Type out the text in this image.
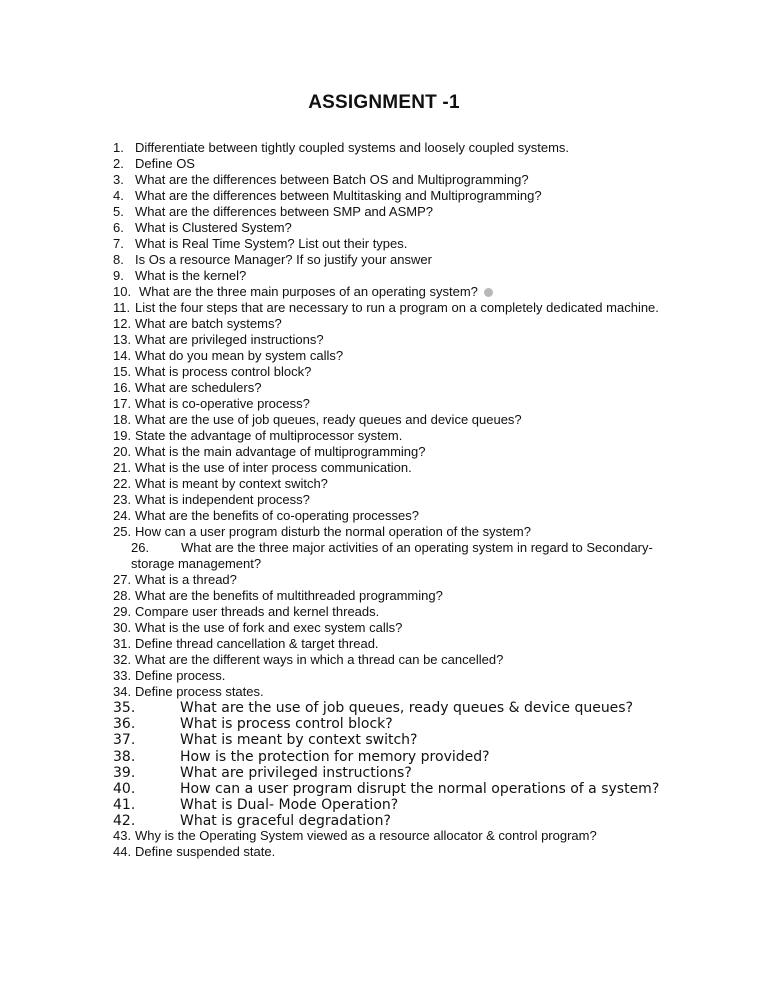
ASSIGNMENT -1
1. Differentiate between tightly coupled systems and loosely coupled systems.
2. Define OS
3. What are the differences between Batch OS and Multiprogramming?
4. What are the differences between Multitasking and Multiprogramming?
5. What are the differences between SMP and ASMP?
6. What is Clustered System?
7. What is Real Time System? List out their types.
8. Is Os a resource Manager? If so justify your answer
9. What is the kernel?
10. What are the three main purposes of an operating system?
11. List the four steps that are necessary to run a program on a completely dedicated machine.
12. What are batch systems?
13. What are privileged instructions?
14. What do you mean by system calls?
15. What is process control block?
16. What are schedulers?
17. What is co-operative process?
18. What are the use of job queues, ready queues and device queues?
19. State the advantage of multiprocessor system.
20. What is the main advantage of multiprogramming?
21. What is the use of inter process communication.
22. What is meant by context switch?
23. What is independent process?
24. What are the benefits of co-operating processes?
25. How can a user program disturb the normal operation of the system?
26. What are the three major activities of an operating system in regard to Secondary-
storage management?
27. What is a thread?
28. What are the benefits of multithreaded programming?
29. Compare user threads and kernel threads.
30. What is the use of fork and exec system calls?
31. Define thread cancellation & target thread.
32. What are the different ways in which a thread can be cancelled?
33. Define process.
34. Define process states.
35.	What are the use of job queues, ready queues & device queues?
36.	What is process control block?
37.	What is meant by context switch?
38.	How is the protection for memory provided?
39.	What are privileged instructions?
40.	How can a user program disrupt the normal operations of a system?
41.	What is Dual- Mode Operation?
42.	What is graceful degradation?
43. Why is the Operating System viewed as a resource allocator & control program?
44. Define suspended state.
